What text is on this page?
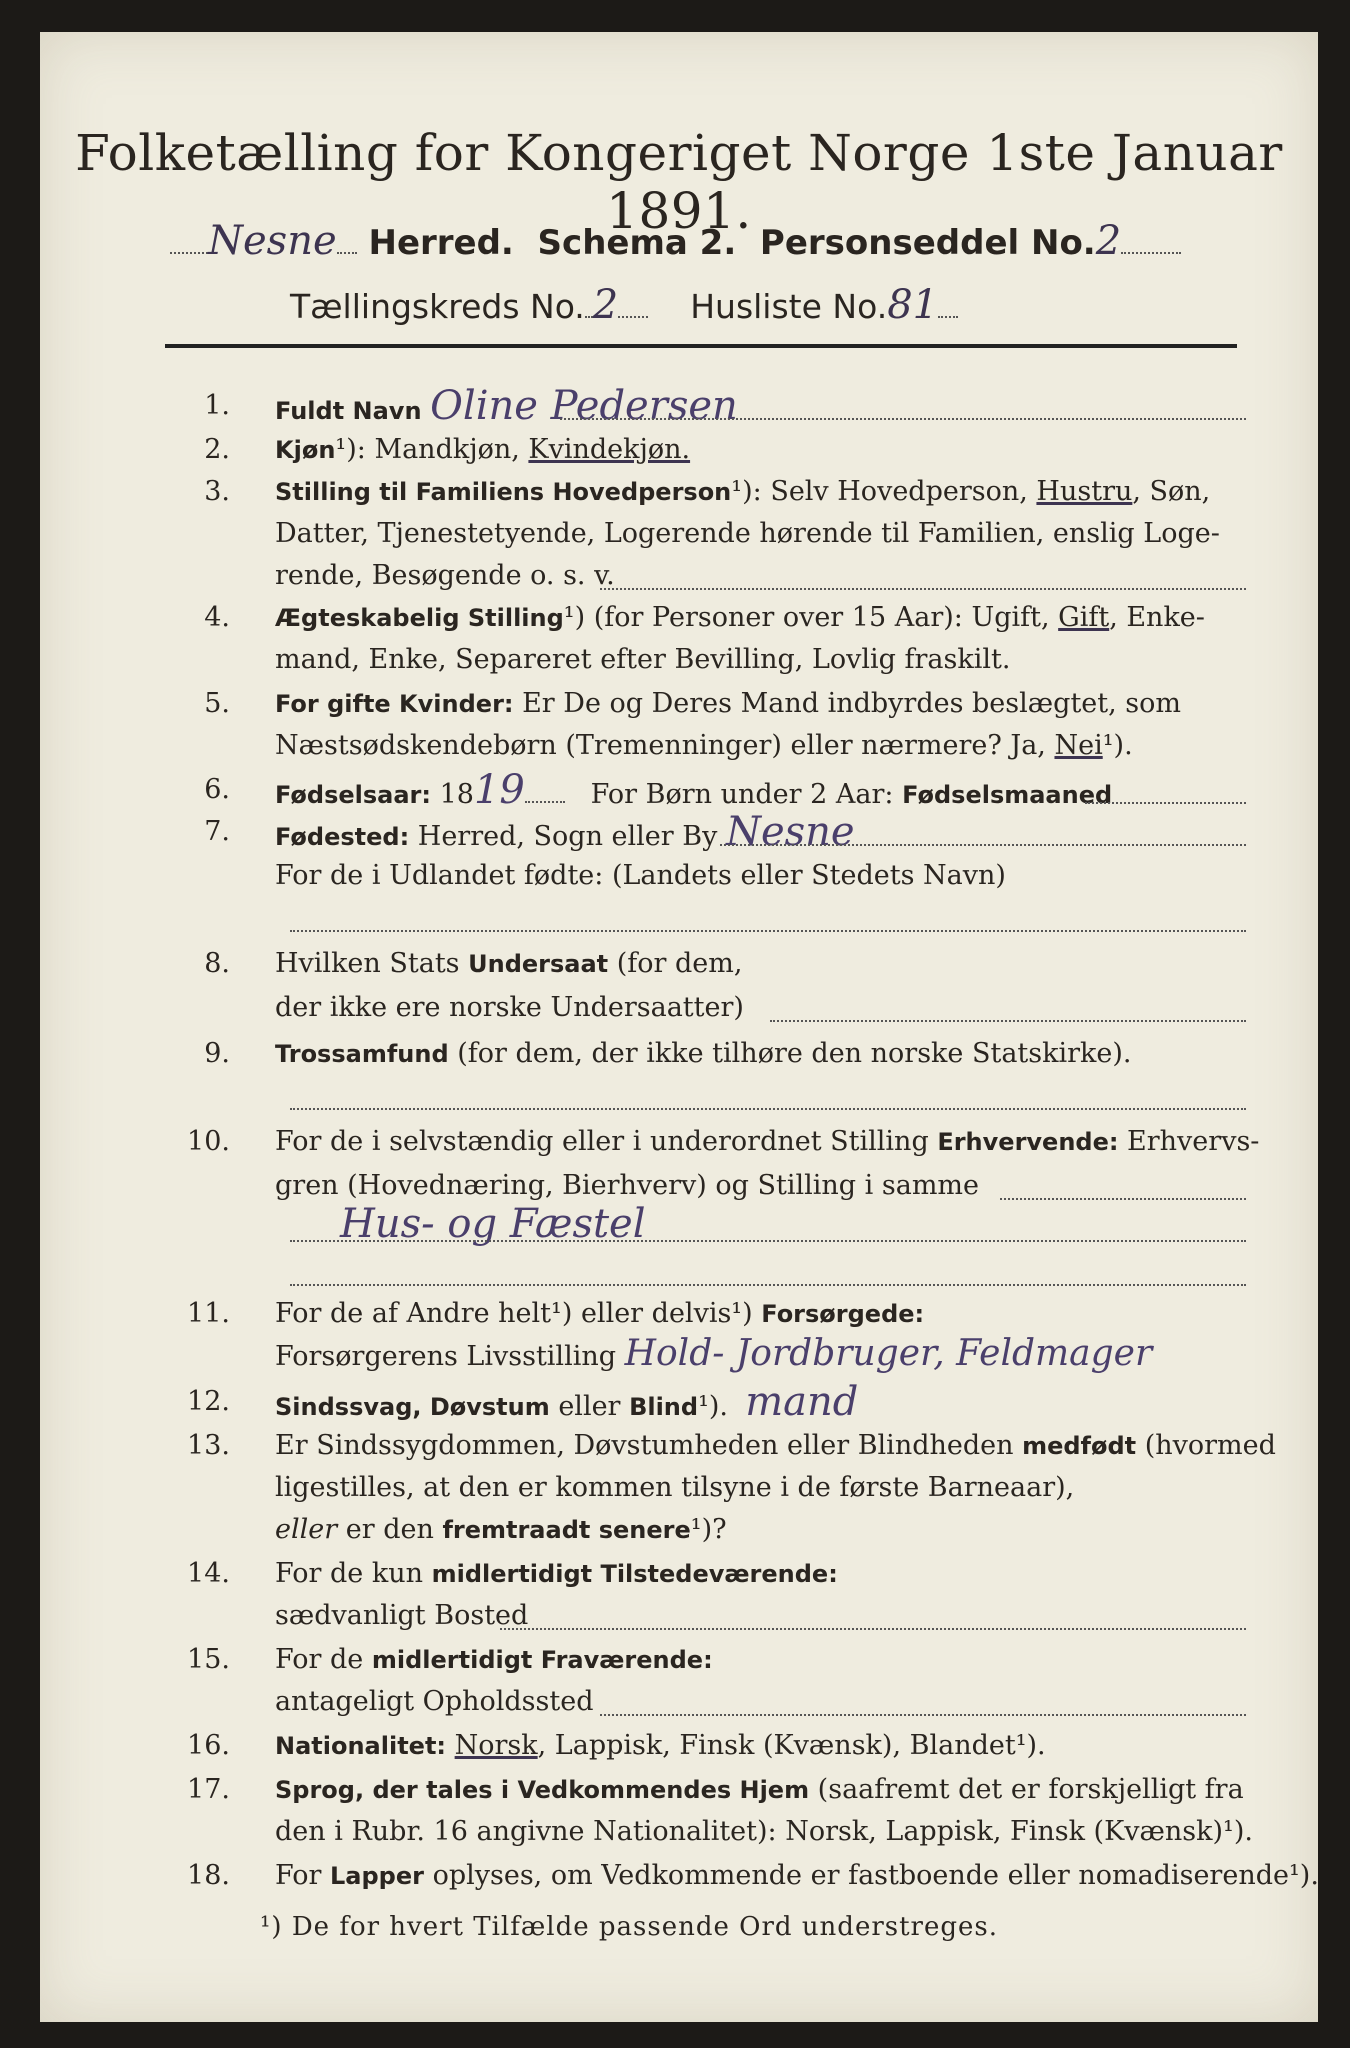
Folketælling for Kongeriget Norge 1ste Januar 1891.
Nesne Herred. Schema 2. Personseddel No.2
Tællingskreds No. 2 Husliste No.81
1. Fuldt Navn Oline Pedersen
2. Kjøn¹): Mandkjøn, Kvindekjøn.
3. Stilling til Familiens Hovedperson¹): Selv Hovedperson, Hustru, Søn,
Datter, Tjenestetyende, Logerende hørende til Familien, enslig Loge-
rende, Besøgende o. s. v.
4. Ægteskabelig Stilling¹) (for Personer over 15 Aar): Ugift, Gift, Enke-
mand, Enke, Separeret efter Bevilling, Lovlig fraskilt.
5. For gifte Kvinder: Er De og Deres Mand indbyrdes beslægtet, som
Næstsødskendebørn (Tremenninger) eller nærmere? Ja, Nei¹).
6. Fødselsaar: 1819 For Børn under 2 Aar: Fødselsmaaned
7. Fødested: Herred, Sogn eller By Nesne
For de i Udlandet fødte: (Landets eller Stedets Navn)
8. Hvilken Stats Undersaat (for dem,
der ikke ere norske Undersaatter)
9. Trossamfund (for dem, der ikke tilhøre den norske Statskirke).
10. For de i selvstændig eller i underordnet Stilling Erhvervende: Erhvervs-
gren (Hovednæring, Bierhverv) og Stilling i samme
Hus- og Fæstel
11. For de af Andre helt¹) eller delvis¹) Forsørgede:
Forsørgerens Livsstilling Hold- Jordbruger, Feldmager
12. Sindssvag, Døvstum eller Blind¹). mand
13. Er Sindssygdommen, Døvstumheden eller Blindheden medfødt (hvormed
ligestilles, at den er kommen tilsyne i de første Barneaar),
eller er den fremtraadt senere¹)?
14. For de kun midlertidigt Tilstedeværende:
sædvanligt Bosted
15. For de midlertidigt Fraværende:
antageligt Opholdssted
16. Nationalitet: Norsk, Lappisk, Finsk (Kvænsk), Blandet¹).
17. Sprog, der tales i Vedkommendes Hjem (saafremt det er forskjelligt fra
den i Rubr. 16 angivne Nationalitet): Norsk, Lappisk, Finsk (Kvænsk)¹).
18. For Lapper oplyses, om Vedkommende er fastboende eller nomadiserende¹).
¹) De for hvert Tilfælde passende Ord understreges.
